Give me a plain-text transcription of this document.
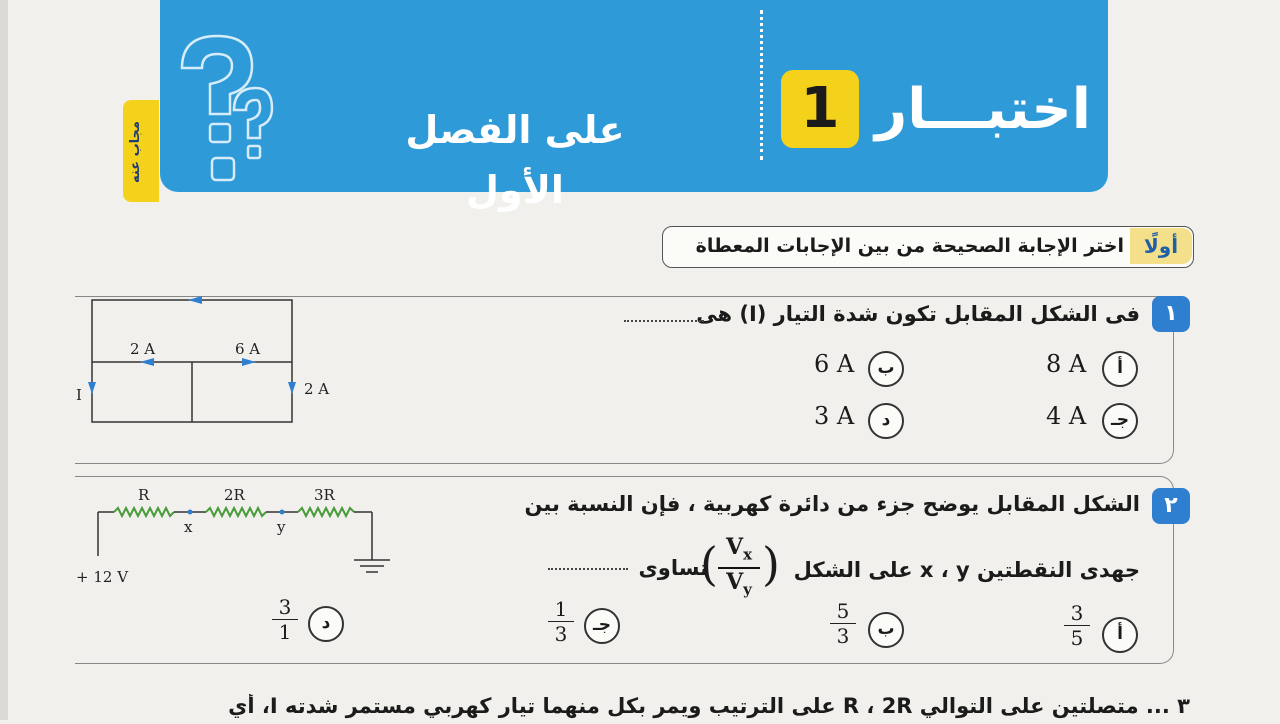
مجاب عنه
اختبـــار
1
على الفصل الأول
أولًا
اختر الإجابة الصحيحة من بين الإجابات المعطاة
١
فى الشكل المقابل تكون شدة التيار (I) هى
2 A	6 A
2 A
I
أ
8 A
ب
6 A
جـ
4 A
د
3 A
٢
الشكل المقابل يوضح جزء من دائرة كهربية ، فإن النسبة بين
جهدى النقطتين x ، y على الشكل
تساوى
( $V_x$
$V_y$ )
R	2R	3R
x	y
+ 12 V
أ
3
5
ب
5
3
جـ
1
3
د
3
1
٣ ... متصلتين على التوالي R ، 2R على الترتيب ويمر بكل منهما تيار كهربي مستمر شدته I، أي
